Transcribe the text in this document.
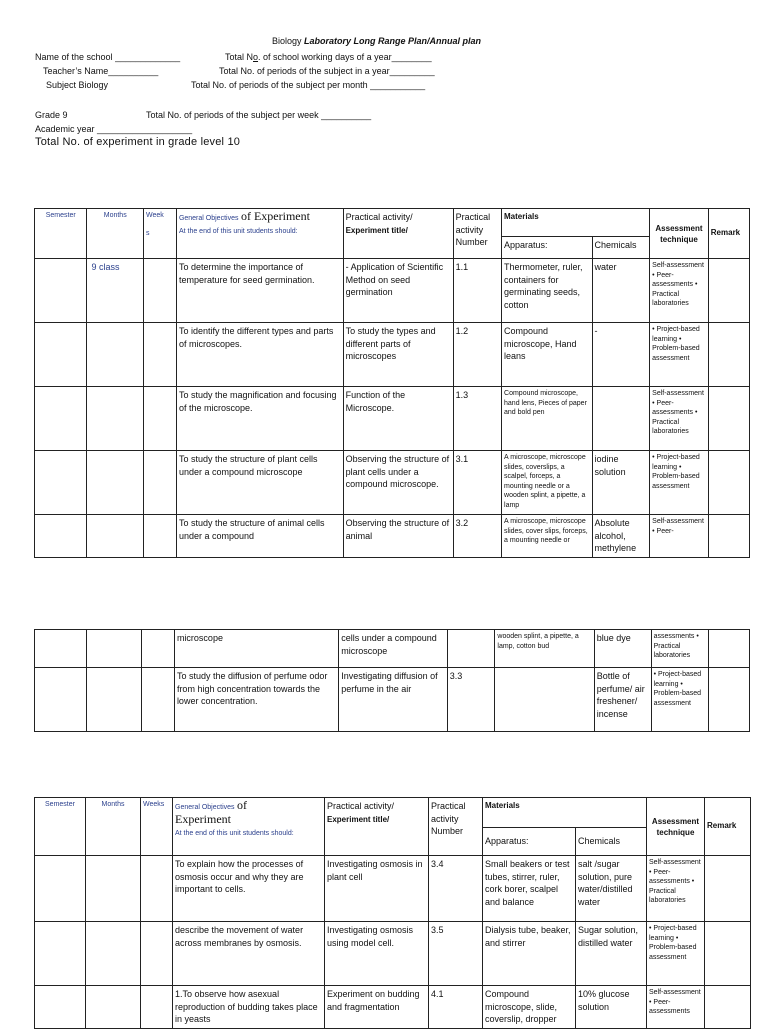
Biology Laboratory Long Range Plan/Annual plan
Name of the school _____________	Total No. of school working days of a year________
Teacher’s Name__________	Total No. of periods of the subject in a year_________
Subject Biology	Total No. of periods of the subject per month ___________
Grade 9	Total No. of periods of the subject per week __________
Academic year ___________________
Total No. of experiment in grade level 10
Semester	Months	Week

s	General Objectives of Experiment
At the end of this unit students should:	Practical activity/
Experiment title/	Practical activity Number	Materials		Assessment technique	Remark
						Apparatus:	Chemicals		
	9 class		To determine the importance of temperature for seed germination.	- Application of Scientific Method on seed germination	1.1	Thermometer, ruler, containers for germinating seeds, cotton	water	Self-assessment • Peer-assessments • Practical laboratories	
			To identify the different types and parts of microscopes.	To study the types and different parts of microscopes	1.2	Compound microscope, Hand leans	-	• Project-based learning • Problem-based assessment	
			To study the magnification and focusing of the microscope.	Function of the Microscope.	1.3	Compound microscope, hand lens, Pieces of paper and bold pen		Self-assessment • Peer-assessments • Practical laboratories	
			To study the structure of plant cells under a compound microscope	Observing the structure of plant cells under a compound microscope.	3.1	A microscope, microscope slides, coverslips, a scalpel, forceps, a mounting needle or a wooden splint, a pipette, a lamp	iodine solution	• Project-based learning • Problem-based assessment	
			To study the structure of animal cells under a compound	Observing the structure of animal	3.2	A microscope, microscope slides, cover slips, forceps, a mounting needle or	Absolute alcohol, methylene	Self-assessment • Peer-	
			microscope	cells under a compound microscope		wooden splint, a pipette, a lamp, cotton bud	blue dye	assessments • Practical laboratories	
			To study the diffusion of perfume odor from high concentration towards the lower concentration.	Investigating diffusion of perfume in the air	3.3		Bottle of perfume/ air freshener/ incense	• Project-based learning • Problem-based assessment	
Semester	Months	Weeks	General Objectives of
Experiment
At the end of this unit students should:	Practical activity/
Experiment title/	Practical activity Number	Materials		Assessment technique	Remark
						Apparatus:	Chemicals		
			To explain how the processes of osmosis occur and why they are important to cells.	Investigating osmosis in plant cell	3.4	Small beakers or test tubes, stirrer, ruler, cork borer, scalpel and balance	salt /sugar solution, pure water/distilled water	Self-assessment • Peer-assessments • Practical laboratories	
			describe the movement of water across membranes by osmosis.	Investigating osmosis using model cell.	3.5	Dialysis tube, beaker, and stirrer	Sugar solution, distilled water	• Project-based learning • Problem-based assessment	
			1.To observe how asexual reproduction of budding takes place in yeasts	Experiment on budding and fragmentation	4.1	Compound microscope, slide, coverslip, dropper	10% glucose solution	Self-assessment • Peer-assessments	
